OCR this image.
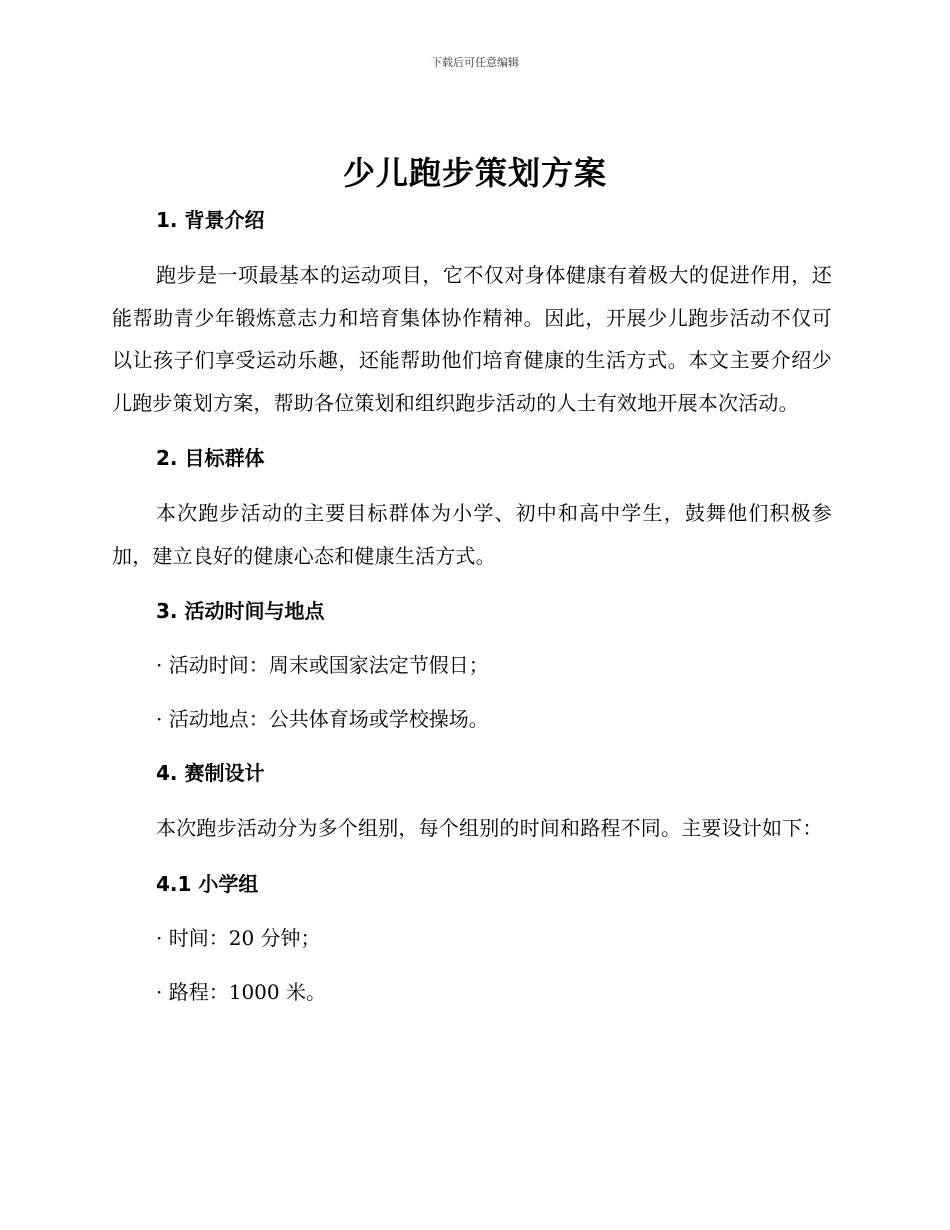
下载后可任意编辑
少儿跑步策划方案

1. 背景介绍

跑步是一项最基本的运动项目，它不仅对身体健康有着极大的促进作用，还能帮助青少年锻炼意志力和培育集体协作精神。因此，开展少儿跑步活动不仅可以让孩子们享受运动乐趣，还能帮助他们培育健康的生活方式。本文主要介绍少儿跑步策划方案，帮助各位策划和组织跑步活动的人士有效地开展本次活动。

2. 目标群体

本次跑步活动的主要目标群体为小学、初中和高中学生，鼓舞他们积极参加，建立良好的健康心态和健康生活方式。

3. 活动时间与地点

· 活动时间：周末或国家法定节假日；

· 活动地点：公共体育场或学校操场。

4. 赛制设计

本次跑步活动分为多个组别，每个组别的时间和路程不同。主要设计如下：

4.1 小学组

· 时间：20 分钟；

· 路程：1000 米。
